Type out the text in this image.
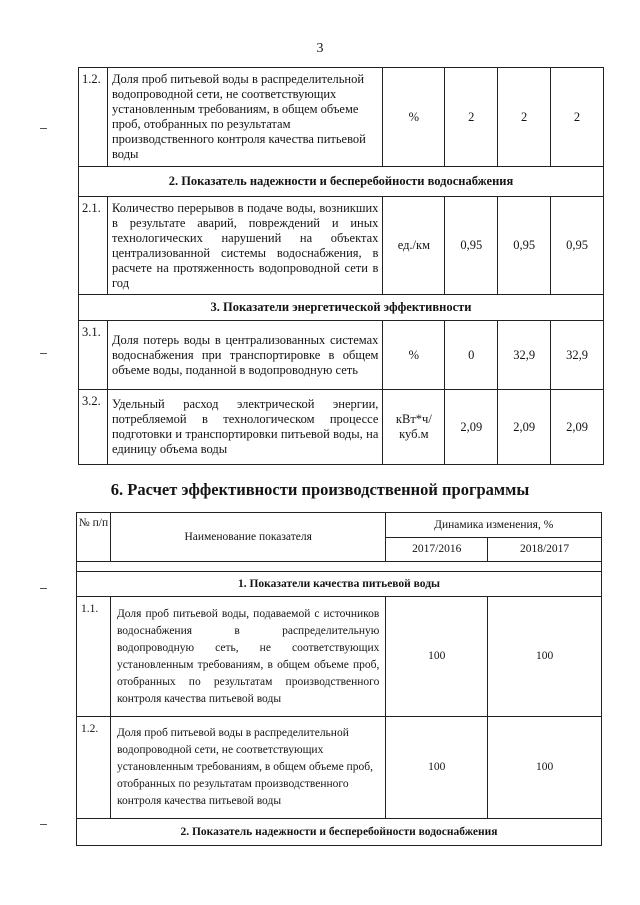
3
1.2.	Доля проб питьевой воды в распределительной водопроводной сети, не соответствующих установленным требованиям, в общем объеме проб, отобранных по результатам производственного контроля качества питьевой воды	%	2	2	2
2. Показатель надежности и бесперебойности водоснабжения					
2.1.	Количество перерывов в подаче воды, возникших в результате аварий, повреждений и иных технологических нарушений на объектах централизованной системы водоснабжения, в расчете на протяженность водопроводной сети в год	ед./км	0,95	0,95	0,95
3. Показатели энергетической эффективности					
3.1.	Доля потерь воды в централизованных системах водоснабжения при транспортировке в общем объеме воды, поданной в водопроводную сеть	%	0	32,9	32,9
3.2.	Удельный расход электрической энергии, потребляемой в технологическом процессе подготовки и транспортировки питьевой воды, на единицу объема воды	кВт*ч/ куб.м	2,09	2,09	2,09
6. Расчет эффективности производственной программы
№ п/п	Наименование показателя	Динамика изменения, %	
		2017/2016	2018/2017

1. Показатели качества питьевой воды			
1.1.	Доля проб питьевой воды, подаваемой с источников водоснабжения в распределительную водопроводную сеть, не соответствующих установленным требованиям, в общем объеме проб, отобранных по результатам производственного контроля качества питьевой воды	100	100
1.2.	Доля проб питьевой воды в распределительной водопроводной сети, не соответствующих установленным требованиям, в общем объеме проб, отобранных по результатам производственного контроля качества питьевой воды	100	100
2. Показатель надежности и бесперебойности водоснабжения			
